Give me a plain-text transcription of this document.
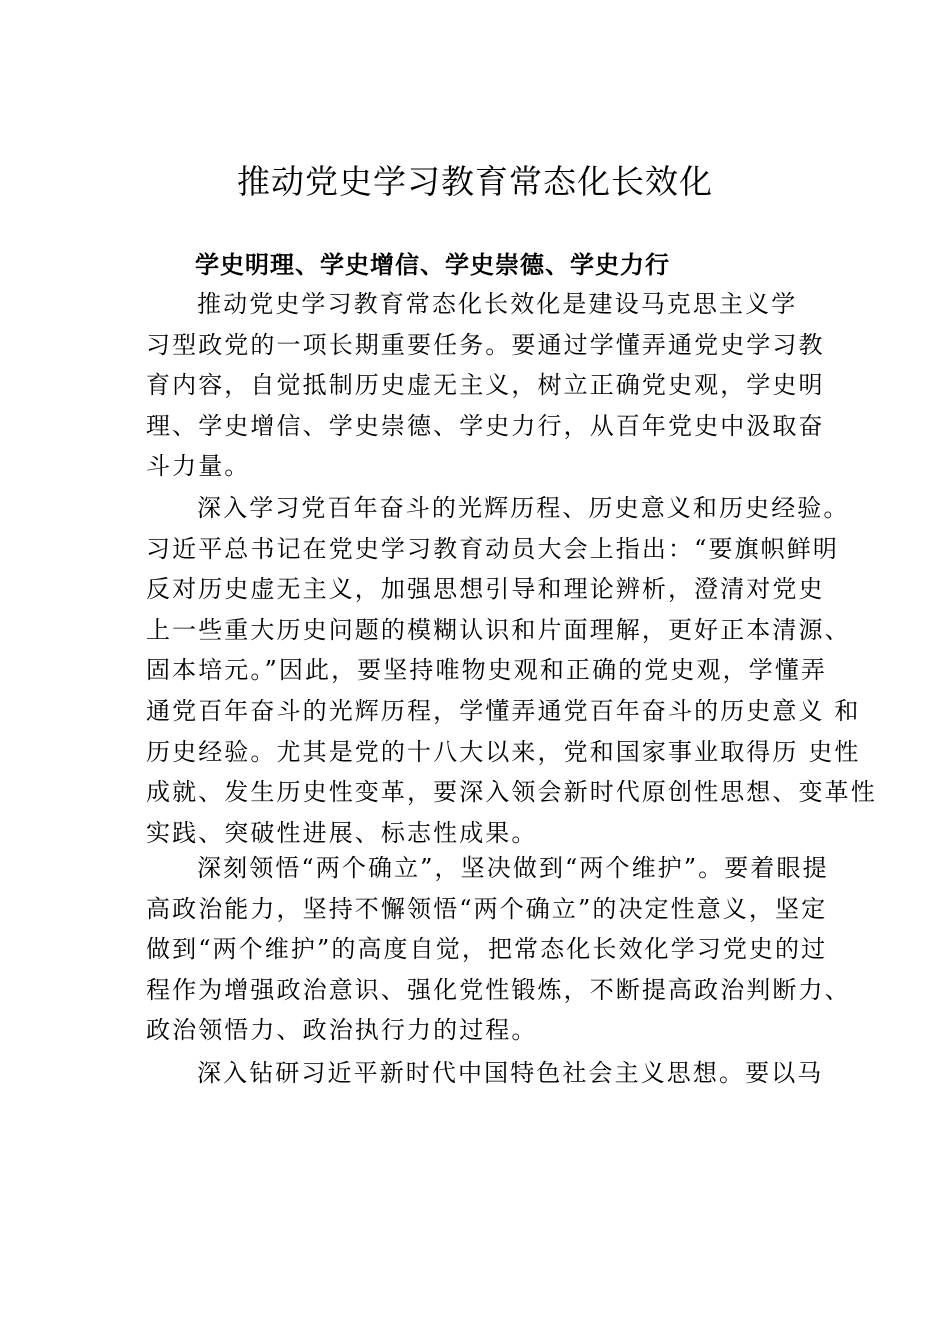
推动党史学习教育常态化长效化
学史明理、学史增信、学史崇德、学史力行
推动党史学习教育常态化长效化是建设马克思主义学
习型政党的一项长期重要任务。要通过学懂弄通党史学习教
育内容，自觉抵制历史虚无主义，树立正确党史观，学史明
理、学史增信、学史崇德、学史力行，从百年党史中汲取奋
斗力量。
深入学习党百年奋斗的光辉历程、历史意义和历史经验。
习近平总书记在党史学习教育动员大会上指出：“要旗帜鲜明
反对历史虚无主义，加强思想引导和理论辨析，澄清对党史
上一些重大历史问题的模糊认识和片面理解，更好正本清源、
固本培元。”因此，要坚持唯物史观和正确的党史观，学懂弄
通党百年奋斗的光辉历程，学懂弄通党百年奋斗的历史意义 和
历史经验。尤其是党的十八大以来，党和国家事业取得历 史性
成就、发生历史性变革，要深入领会新时代原创性思想、变革性
实践、突破性进展、标志性成果。
深刻领悟“两个确立”，坚决做到“两个维护”。要着眼提
高政治能力，坚持不懈领悟“两个确立”的决定性意义，坚定
做到“两个维护”的高度自觉，把常态化长效化学习党史的过
程作为增强政治意识、强化党性锻炼，不断提高政治判断力、
政治领悟力、政治执行力的过程。
深入钻研习近平新时代中国特色社会主义思想。要以马
